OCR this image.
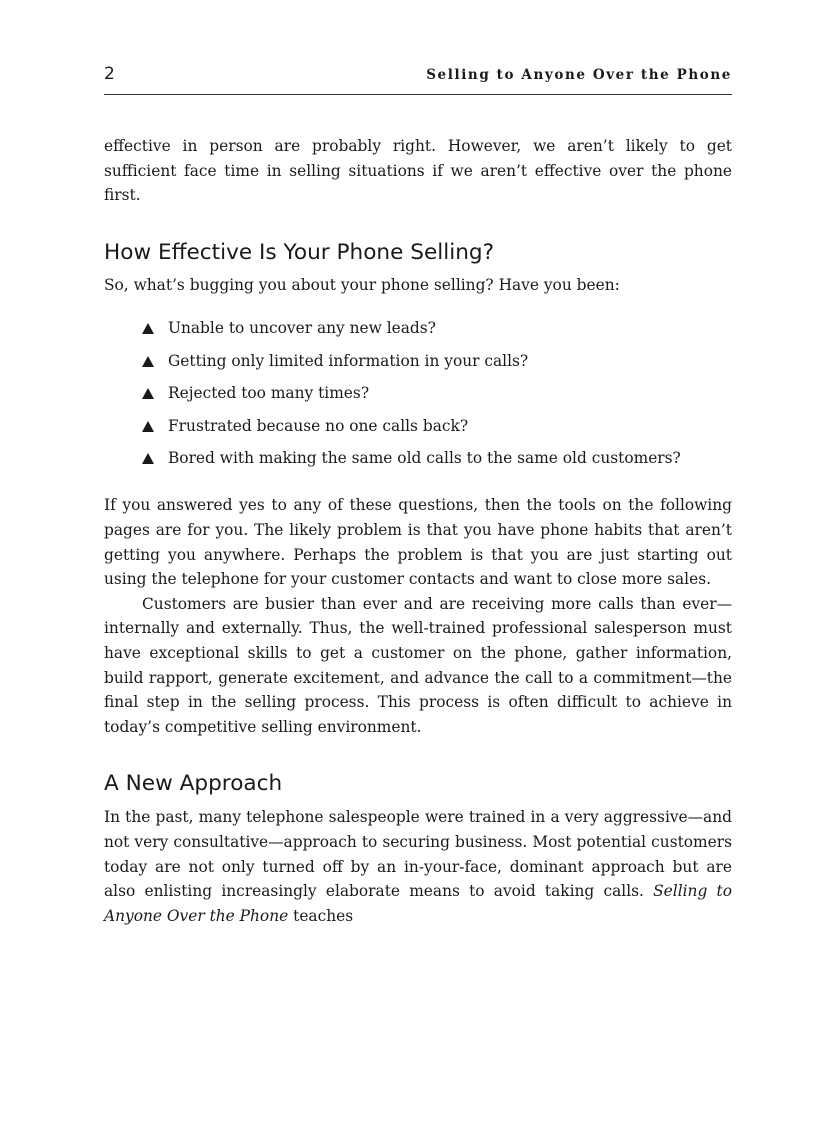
2	Selling to Anyone Over the Phone

effective in person are probably right. However, we aren’t likely to get sufficient face time in selling situations if we aren’t effective over the phone first.

How Effective Is Your Phone Selling?

So, what’s bugging you about your phone selling? Have you been:

Unable to uncover any new leads?
Getting only limited information in your calls?
Rejected too many times?
Frustrated because no one calls back?
Bored with making the same old calls to the same old customers?

If you answered yes to any of these questions, then the tools on the following pages are for you. The likely problem is that you have phone habits that aren’t getting you anywhere. Perhaps the problem is that you are just starting out using the telephone for your customer contacts and want to close more sales.

Customers are busier than ever and are receiving more calls than ever— internally and externally. Thus, the well-trained professional salesperson must have exceptional skills to get a customer on the phone, gather information, build rapport, generate excitement, and advance the call to a commitment—the final step in the selling process. This process is often difficult to achieve in today’s competitive selling environment.

A New Approach

In the past, many telephone salespeople were trained in a very aggressive—and not very consultative—approach to securing business. Most potential customers today are not only turned off by an in-your-face, dominant approach but are also enlisting increasingly elaborate means to avoid taking calls. Selling to Anyone Over the Phone teaches
